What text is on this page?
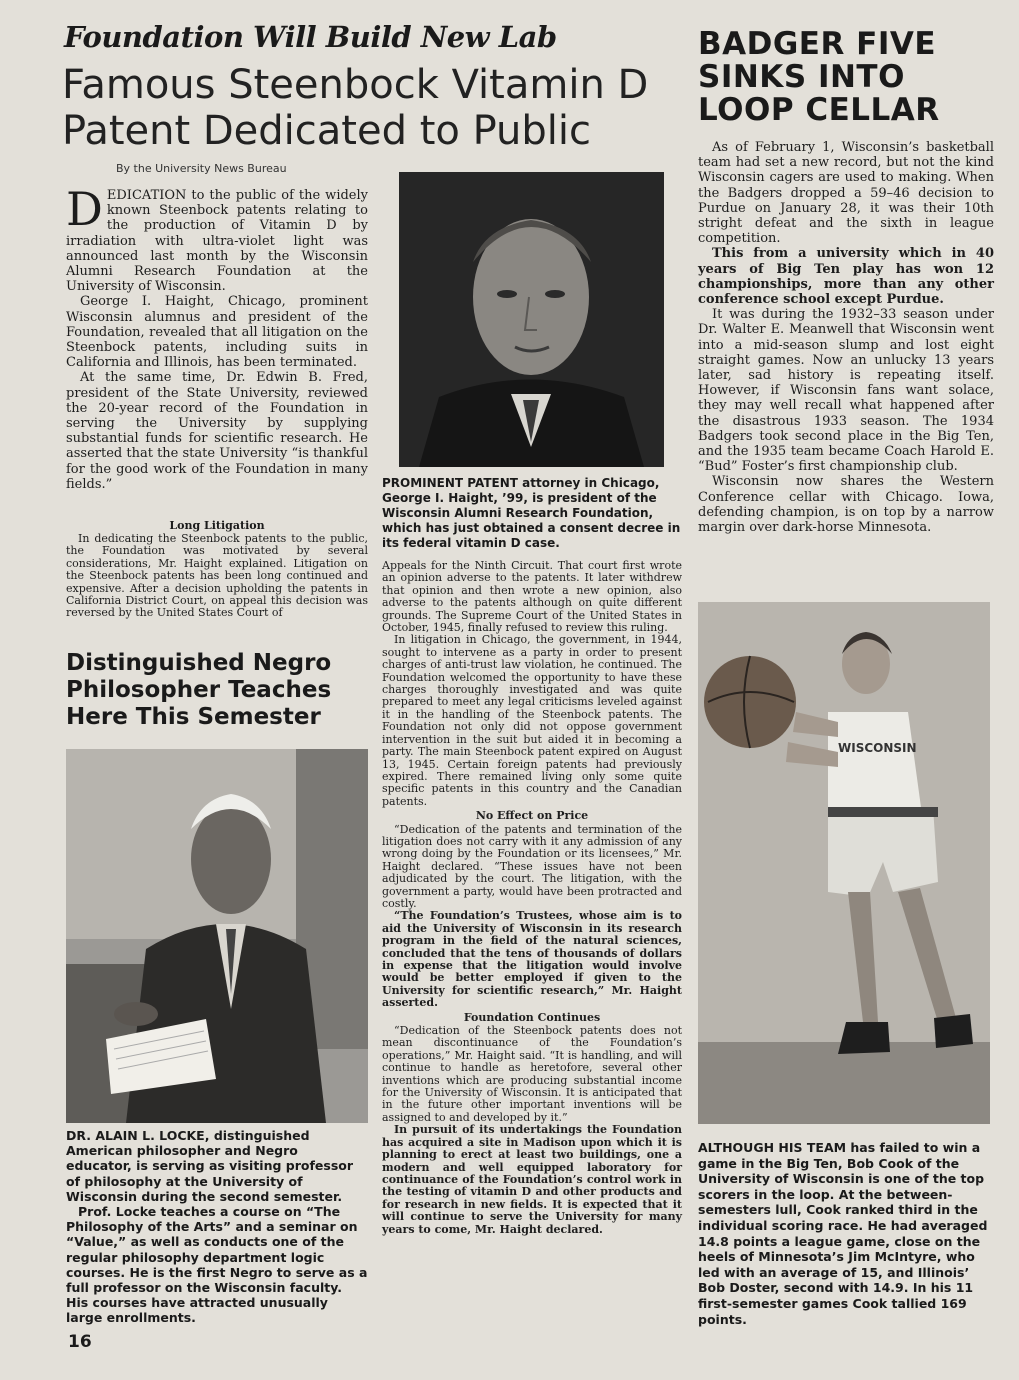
Foundation Will Build New Lab
Famous Steenbock Vitamin D Patent Dedicated to Public
By the University News Bureau

DEDICATION to the public of the widely known Steenbock patents relating to the production of Vitamin D by irradiation with ultra-violet light was announced last month by the Wisconsin Alumni Research Foundation at the University of Wisconsin.

George I. Haight, Chicago, prominent Wisconsin alumnus and president of the Foundation, revealed that all litigation on the Steenbock patents, including suits in California and Illinois, has been terminated.

At the same time, Dr. Edwin B. Fred, president of the State University, reviewed the 20-year record of the Foundation in serving the University by supplying substantial funds for scientific research. He asserted that the state University “is thankful for the good work of the Foundation in many fields.”

Long Litigation

In dedicating the Steenbock patents to the public, the Foundation was motivated by several considerations, Mr. Haight explained. Litigation on the Steenbock patents has been long continued and expensive. After a decision upholding the patents in California District Court, on appeal this decision was reversed by the United States Court of

PROMINENT PATENT attorney in Chicago, George I. Haight, ’99, is president of the Wisconsin Alumni Research Foundation, which has just obtained a consent decree in its federal vitamin D case.

Appeals for the Ninth Circuit. That court first wrote an opinion adverse to the patents. It later withdrew that opinion and then wrote a new opinion, also adverse to the patents although on quite different grounds. The Supreme Court of the United States in October, 1945, finally refused to review this ruling.

In litigation in Chicago, the government, in 1944, sought to intervene as a party in order to present charges of anti-trust law violation, he continued. The Foundation welcomed the opportunity to have these charges thoroughly investigated and was quite prepared to meet any legal criticisms leveled against it in the handling of the Steenbock patents. The Foundation not only did not oppose government intervention in the suit but aided it in becoming a party. The main Steenbock patent expired on August 13, 1945. Certain foreign patents had previously expired. There remained living only some quite specific patents in this country and the Canadian patents.

No Effect on Price

“Dedication of the patents and termination of the litigation does not carry with it any admission of any wrong doing by the Foundation or its licensees,” Mr. Haight declared. “These issues have not been adjudicated by the court. The litigation, with the government a party, would have been protracted and costly.

“The Foundation’s Trustees, whose aim is to aid the University of Wisconsin in its research program in the field of the natural sciences, concluded that the tens of thousands of dollars in expense that the litigation would involve would be better employed if given to the University for scientific research,” Mr. Haight asserted.

Foundation Continues

“Dedication of the Steenbock patents does not mean discontinuance of the Foundation’s operations,” Mr. Haight said. “It is handling, and will continue to handle as heretofore, several other inventions which are producing substantial income for the University of Wisconsin. It is anticipated that in the future other important inventions will be assigned to and developed by it.”

In pursuit of its undertakings the Foundation has acquired a site in Madison upon which it is planning to erect at least two buildings, one a modern and well equipped laboratory for continuance of the Foundation’s control work in the testing of vitamin D and other products and for research in new fields. It is expected that it will continue to serve the University for many years to come, Mr. Haight declared.

Distinguished Negro Philosopher Teaches Here This Semester

DR. ALAIN L. LOCKE, distinguished American philosopher and Negro educator, is serving as visiting professor of philosophy at the University of Wisconsin during the second semester.

Prof. Locke teaches a course on “The Philosophy of the Arts” and a seminar on “Value,” as well as conducts one of the regular philosophy department logic courses. He is the first Negro to serve as a full professor on the Wisconsin faculty. His courses have attracted unusually large enrollments.

BADGER FIVE SINKS INTO LOOP CELLAR

As of February 1, Wisconsin’s basketball team had set a new record, but not the kind Wisconsin cagers are used to making. When the Badgers dropped a 59–46 decision to Purdue on January 28, it was their 10th stright defeat and the sixth in league competition.

This from a university which in 40 years of Big Ten play has won 12 championships, more than any other conference school except Purdue.

It was during the 1932–33 season under Dr. Walter E. Meanwell that Wisconsin went into a mid-season slump and lost eight straight games. Now an unlucky 13 years later, sad history is repeating itself. However, if Wisconsin fans want solace, they may well recall what happened after the disastrous 1933 season. The 1934 Badgers took second place in the Big Ten, and the 1935 team became Coach Harold E. “Bud” Foster’s first championship club.

Wisconsin now shares the Western Conference cellar with Chicago. Iowa, defending champion, is on top by a narrow margin over dark-horse Minnesota.

WISCONSIN
ALTHOUGH HIS TEAM has failed to win a game in the Big Ten, Bob Cook of the University of Wisconsin is one of the top scorers in the loop. At the between-semesters lull, Cook ranked third in the individual scoring race. He had averaged 14.8 points a league game, close on the heels of Minnesota’s Jim McIntyre, who led with an average of 15, and Illinois’ Bob Doster, second with 14.9. In his 11 first-semester games Cook tallied 169 points.
16
